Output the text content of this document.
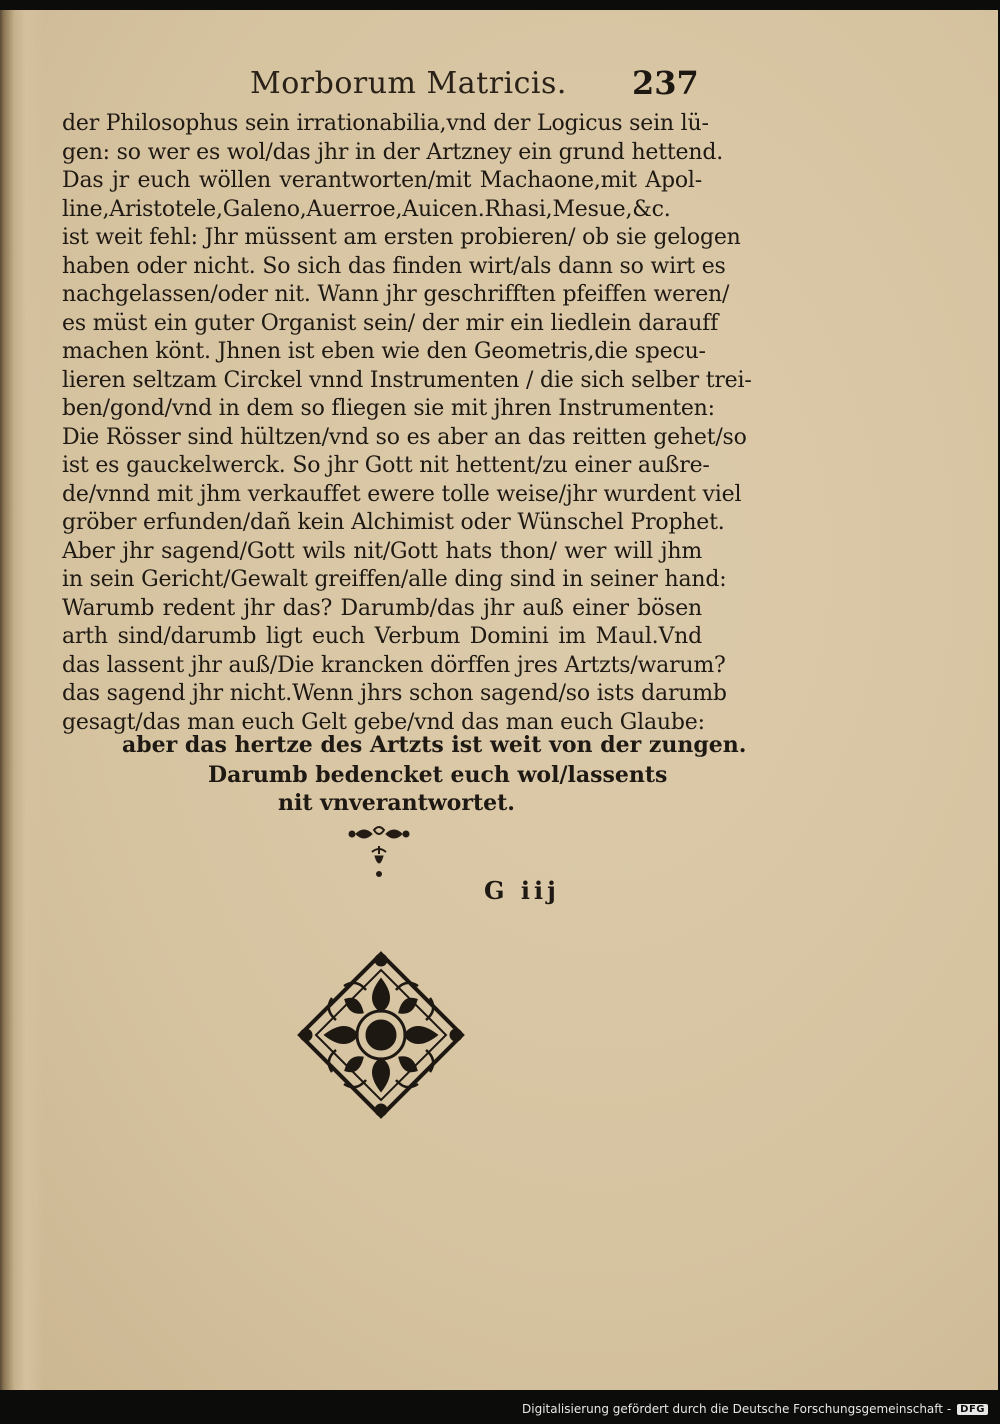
Morborum Matricis. 237
der Philosophus sein irrationabilia,vnd der Logicus sein lü-
gen: so wer es wol/das jhr in der Artzney ein grund hettend.
Das jr euch wöllen verantworten/mit Machaone,mit Apol-
line,Aristotele,Galeno,Auerroe,Auicen.Rhasi,Mesue,&c.
ist weit fehl: Jhr müssent am ersten probieren/ ob sie gelogen
haben oder nicht. So sich das finden wirt/als dann so wirt es
nachgelassen/oder nit. Wann jhr geschrifften pfeiffen weren/
es müst ein guter Organist sein/ der mir ein liedlein darauff
machen könt. Jhnen ist eben wie den Geometris,die specu-
lieren seltzam Circkel vnnd Instrumenten / die sich selber trei-
ben/gond/vnd in dem so fliegen sie mit jhren Instrumenten:
Die Rösser sind hültzen/vnd so es aber an das reitten gehet/so
ist es gauckelwerck. So jhr Gott nit hettent/zu einer außre-
de/vnnd mit jhm verkauffet ewere tolle weise/jhr wurdent viel
gröber erfunden/dañ kein Alchimist oder Wünschel Prophet.
Aber jhr sagend/Gott wils nit/Gott hats thon/ wer will jhm
in sein Gericht/Gewalt greiffen/alle ding sind in seiner hand:
Warumb redent jhr das? Darumb/das jhr auß einer bösen
arth sind/darumb ligt euch Verbum Domini im Maul.Vnd
das lassent jhr auß/Die krancken dörffen jres Artzts/warum?
das sagend jhr nicht.Wenn jhrs schon sagend/so ists darumb
gesagt/das man euch Gelt gebe/vnd das man euch Glaube:
aber das hertze des Artzts ist weit von der zungen.
Darumb bedencket euch wol/lassents
nit vnverantwortet.
G iij
Digitalisierung gefördert durch die Deutsche Forschungsgemeinschaft - DFG
